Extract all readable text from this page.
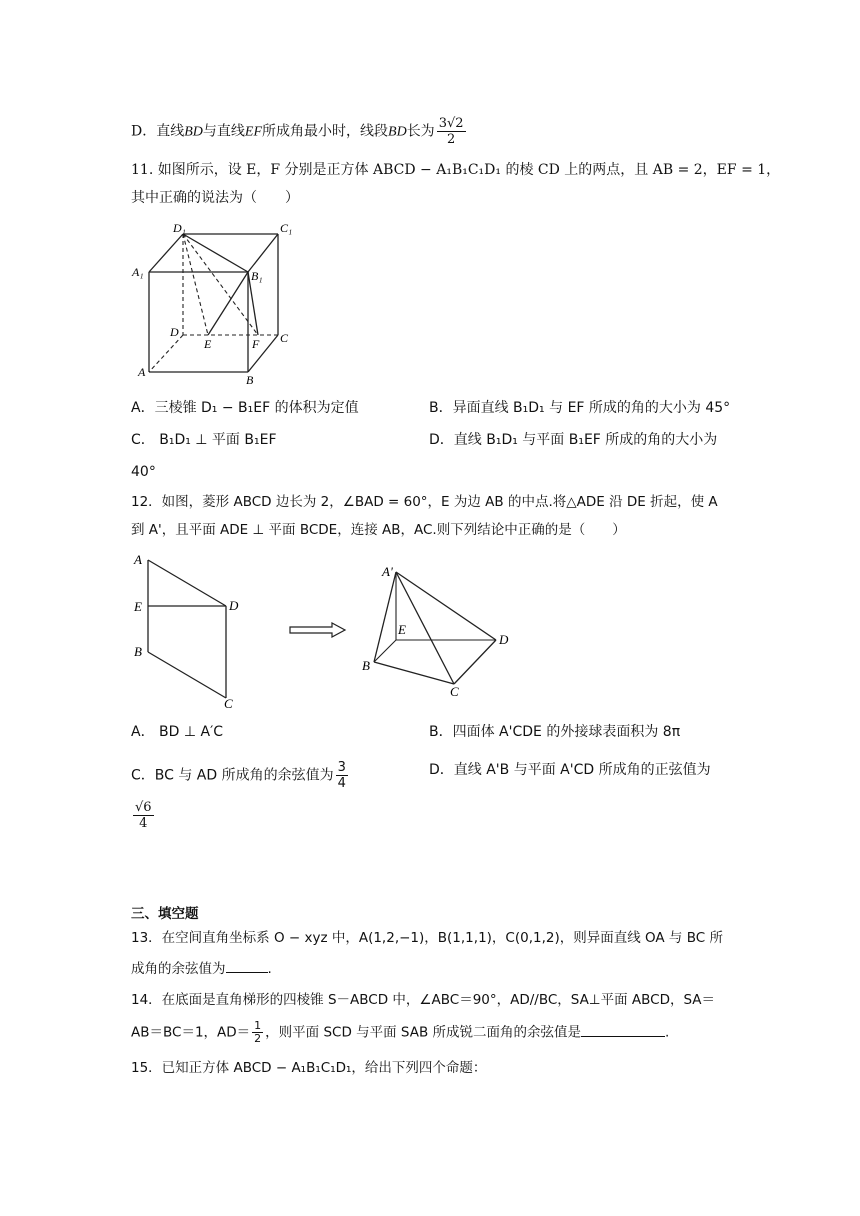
D．直线BD与直线EF所成角最小时，线段BD长为 $\frac{3√2}{2}$
11. 如图所示，设 E，F 分别是正方体 ABCD − A₁B₁C₁D₁ 的棱 CD 上的两点，且 AB = 2，EF = 1，
其中正确的说法为（　　）
D₁	C₁
A₁	B₁
D
E	F C
A
B
A．三棱锥 D₁ − B₁EF 的体积为定值	B．异面直线 B₁D₁ 与 EF 所成的角的大小为 45°
C． B₁D₁ ⊥ 平面 B₁EF	D．直线 B₁D₁ 与平面 B₁EF 所成的角的大小为
40°
12．如图，菱形 ABCD 边长为 2，∠BAD = 60°，E 为边 AB 的中点.将△ADE 沿 DE 折起，使 A
到 A'，且平面 ADE ⊥ 平面 BCDE，连接 AB，AC.则下列结论中正确的是（　　）
A
E	D
B
C
A'
E
D
B
C
A． BD ⊥ A′C	B．四面体 A'CDE 的外接球表面积为 8π
C．BC 与 AD 所成角的余弦值为 $\frac{3}{4}$	D．直线 A'B 与平面 A'CD 所成角的正弦值为
$\frac{√6}{4}$
三、填空题
13．在空间直角坐标系 O − xyz 中，A(1,2,−1)，B(1,1,1)，C(0,1,2)，则异面直线 OA 与 BC 所
成角的余弦值为	.
14．在底面是直角梯形的四棱锥 S－ABCD 中，∠ABC＝90°，AD//BC，SA⊥平面 ABCD，SA＝
AB＝BC＝1，$AD= \frac{1}{2}$ ，则平面 SCD 与平面 SAB 所成锐二面角的余弦值是	.
15．已知正方体 ABCD − A₁B₁C₁D₁，给出下列四个命题：
